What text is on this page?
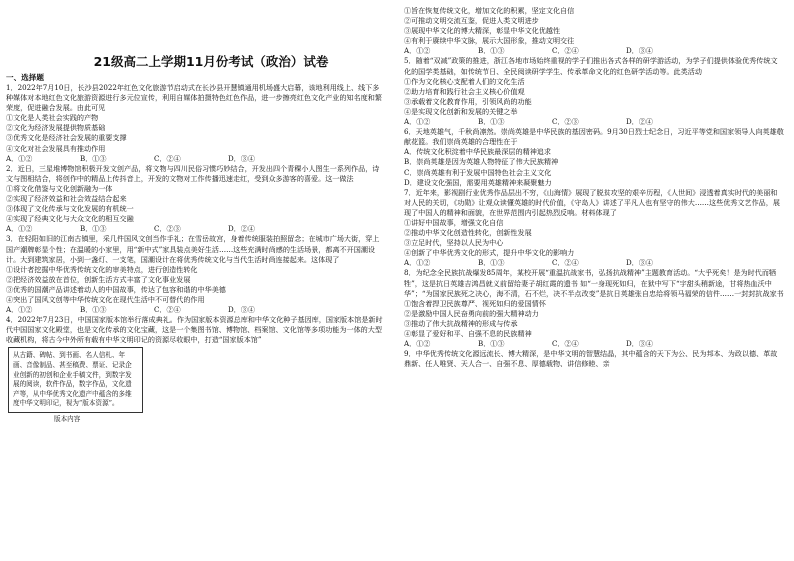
21级高二上学期11月份考试（政治）试卷
一、选择题

1．2022年7月10日，长沙县2022年红色文化旅游节启动式在长沙县开慧镇通用机场盛大启幕，该地利用线上、线下多种媒体对本地红色文化旅游资源进行多元位宣传，利用自媒体拍摄特色红色作品，进一步擦亮红色文化产业的知名度和繁荣度，促进融合发展。由此可见

①文化是人类社会实践的产物

②文化为经济发展提供物质基础

③优秀文化是经济社会发展的重要支撑

④文化对社会发展具有推动作用

A．①②	B．①③	C．②④	D．③④

2．近日，三星堆博物馆积极开发文创产品，将文物与四川民俗习惯巧妙结合，开发出四个青稞小人图生一系列作品，诗文与图相结合，将创作中的精品上传抖音上，开发的文物对工作传播迅速走红，受到众多游客的喜爱。这一做法

①将文化借鉴与文化创新融为一体

②实现了经济效益和社会效益结合起来

③体现了文化传承与文化发展的有机统一

④实现了经典文化与大众文化的相互交融

A．①②	B．①③	C．②③	D．②④

3．在轻阳如旧的江南古镇里，采几件国风文创当作手礼；在雪岳故宫，身着传统服装拍照留念；在城市广场大街，穿上国产潮牌彰显个性；在温暖的小家里，用“新中式”家具装点美好生活……这些充满时尚感的生活场景，都离不开国潮设计。大到建筑家居，小到一盏灯、一支笔，国潮设计在将优秀传统文化与当代生活时尚连接起来。这体现了

①设计者挖掘中华优秀传统文化的审美特点，进行创造性转化

②把经济效益放在首位，创新生活方式丰富了文化事业发展

③优秀的国潮产品讲述着动人的中国故事，传达了包容和谐的中华美德

④突出了国风文创等中华传统文化在现代生活中不可替代的作用

A．①②	B．①③	C．②④	D．③④

4．2022年7月23日，中国国家版本馆举行落成典礼。作为国家版本资源总库和中华文化种子基因库，国家版本馆是新时代中国国家文化殿堂，也是文化传承的文化宝藏，这是一个集图书馆、博物馆、档案馆、文化馆等多项功能为一体的大型收藏机构，将古今中外所有载有中华文明印记的资源尽收眼中，打造“国家版本馆”

从古籍、碑帖、到书画、名人信札、年画、音像制品、甚至稿费、票证、记录企业创新的初创和企业手稿文件，到数字发展的阅读，软件作品，数字作品，文化遗产等，从中华优秀文化遗产中蕴含的多维度中华文明印记，视为“版本资源”。
版本内容

①旨在恢复传统文化，增加文化的积累，坚定文化自信

②可推动文明交流互鉴，促进人类文明进步

③展现中华文化的博大精深，彰显中华文化优越性

④有利于赓续中华文脉，展示大国形象，推动文明交往

A．①②	B．①③	C．②④	D．③④

5．随着“双减”政策的推进，浙江各地市场始终重视的学子们推出各式各样的研学游活动，为学子们提供体验优秀传统文化的国学类基础，如传统节日、全民阅读研学学生、传承革命文化的红色研学活动等。此类活动

①作为文化核心支配着人们的文化生活

②助力培育和践行社会主义核心价值观

③承载着文化教育作用，引领风尚的功能

④是实现文化创新和发展的关键之举

A．①②	B．①③	C．②③	D．②④

6．天地英雄气，千秋尚凛然。崇尚英雄是中华民族的基因密码。9月30日烈士纪念日，习近平等党和国家领导人向英雄敬献花篮。我们崇尚英雄的合理性在于

A．传统文化积淀着中华民族最深层的精神追求

B．崇尚英雄是因为英雄人物特征了伟大民族精神

C．崇尚英雄有利于发展中国特色社会主义文化

D．建设文化强国，需要用英雄精神来凝聚魅力

7．近年来，影视剧行业优秀作品层出不穷，《山海情》展现了脱贫攻坚的艰辛历程，《人世间》浸透着真实时代的美丽和对人民的关切，《功勋》让观众读懂英雄的时代价值，《守岛人》讲述了平凡人也有坚守的伟大……这些优秀文艺作品，展现了中国人的精神和面貌，在世界范围内引起热烈反响。材料体现了

①讲好中国故事，增强文化自信

②推动中华文化创造性转化，创新性发展

③立足时代，坚持以人民为中心

④创新了中华优秀文化的形式，提升中华文化的影响力

A．①②	B．①③	C．②④	D．③④

8．为纪念全民族抗战爆发85周年，某校开展“重温抗战家书，弘扬抗战精神”主题教育活动。“大乎死矣！是为时代而牺牲”，这是抗日英雄吉鸿昌就义前留给妻子胡红霞的遗书 如“一身现死如归，在狱中写下“宇甜头稍新途，甘将热血沃中华”；“为国家民族死之决心，海不清，石不烂，决不半点改变”是抗日英雄张自忠给将领马福荣的信件……一封封抗战家书

①饱含着捍卫民族尊严、视死如归的爱国情怀

②是激励中国人民奋勇向前的强大精神动力

③推动了伟大抗战精神的形成与传承

④彰显了爱好和平、自强不息的民族精神

A．①②	B．①③	C．②④	D．③④

9．中华优秀传统文化源远流长、博大精深，是中华文明的智慧结晶，其中蕴含的天下为公、民为邦本、为政以德、革故鼎新、任人唯贤、天人合一、自强不息、厚德载物、讲信修睦、亲
